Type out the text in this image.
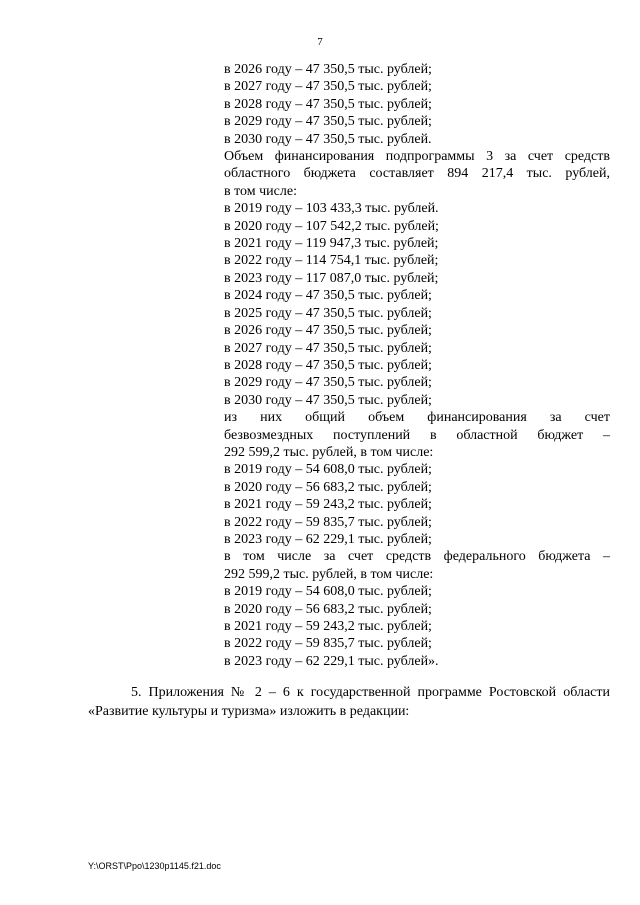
7
в 2026 году – 47 350,5 тыс. рублей;
в 2027 году – 47 350,5 тыс. рублей;
в 2028 году – 47 350,5 тыс. рублей;
в 2029 году – 47 350,5 тыс. рублей;
в 2030 году – 47 350,5 тыс. рублей.
Объем финансирования подпрограммы 3 за счет средств
областного бюджета составляет 894 217,4 тыс. рублей,
в том числе:
в 2019 году – 103 433,3 тыс. рублей.
в 2020 году – 107 542,2 тыс. рублей;
в 2021 году – 119 947,3 тыс. рублей;
в 2022 году – 114 754,1 тыс. рублей;
в 2023 году – 117 087,0 тыс. рублей;
в 2024 году – 47 350,5 тыс. рублей;
в 2025 году – 47 350,5 тыс. рублей;
в 2026 году – 47 350,5 тыс. рублей;
в 2027 году – 47 350,5 тыс. рублей;
в 2028 году – 47 350,5 тыс. рублей;
в 2029 году – 47 350,5 тыс. рублей;
в 2030 году – 47 350,5 тыс. рублей;
из них общий объем финансирования за счет
безвозмездных поступлений в областной бюджет –
292 599,2 тыс. рублей, в том числе:
в 2019 году – 54 608,0 тыс. рублей;
в 2020 году – 56 683,2 тыс. рублей;
в 2021 году – 59 243,2 тыс. рублей;
в 2022 году – 59 835,7 тыс. рублей;
в 2023 году – 62 229,1 тыс. рублей;
в том числе за счет средств федерального бюджета –
292 599,2 тыс. рублей, в том числе:
в 2019 году – 54 608,0 тыс. рублей;
в 2020 году – 56 683,2 тыс. рублей;
в 2021 году – 59 243,2 тыс. рублей;
в 2022 году – 59 835,7 тыс. рублей;
в 2023 году – 62 229,1 тыс. рублей».
5. Приложения № 2 – 6 к государственной программе Ростовской области
«Развитие культуры и туризма» изложить в редакции:
Y:\ORST\Ppo\1230p1145.f21.doc
